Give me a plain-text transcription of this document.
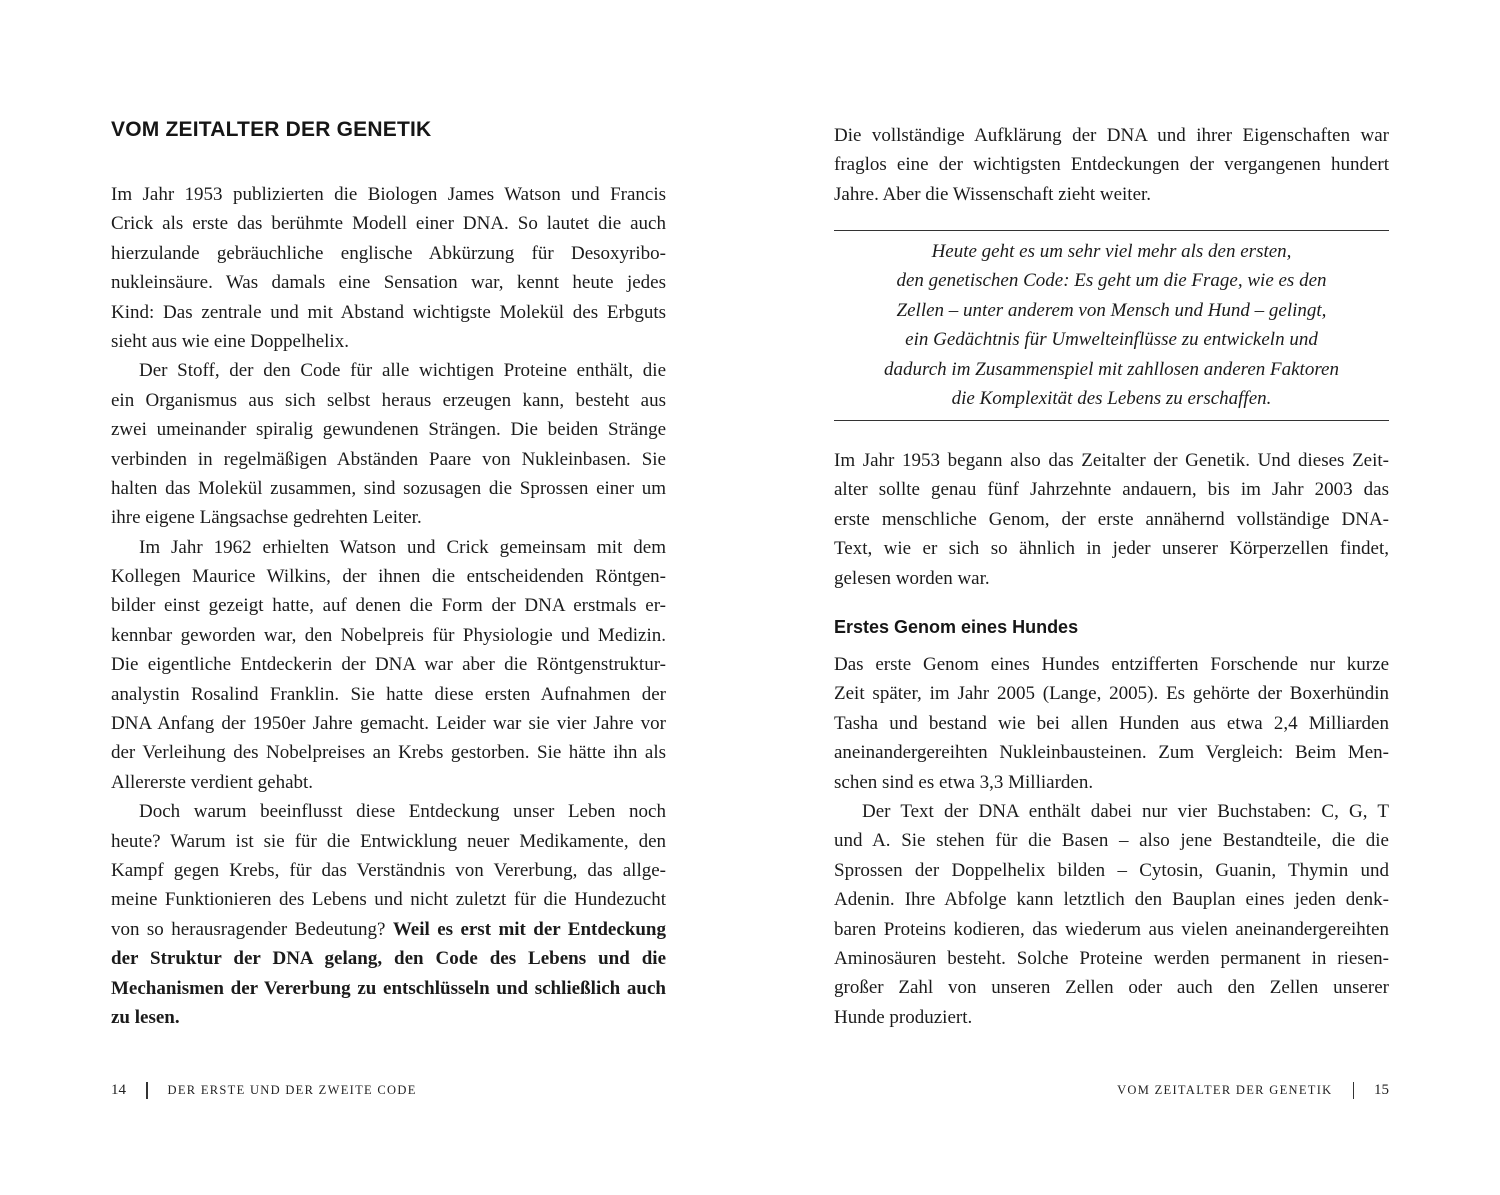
VOM ZEITALTER DER GENETIK
Im Jahr 1953 publizierten die Biologen James Watson und Francis
Crick als erste das berühmte Modell einer DNA. So lautet die auch
hierzulande gebräuchliche englische Abkürzung für Desoxyribo-
nukleinsäure. Was damals eine Sensation war, kennt heute jedes
Kind: Das zentrale und mit Abstand wichtigste Molekül des Erbguts
sieht aus wie eine Doppelhelix.
Der Stoff, der den Code für alle wichtigen Proteine enthält, die
ein Organismus aus sich selbst heraus erzeugen kann, besteht aus
zwei umeinander spiralig gewundenen Strängen. Die beiden Stränge
verbinden in regelmäßigen Abständen Paare von Nukleinbasen. Sie
halten das Molekül zusammen, sind sozusagen die Sprossen einer um
ihre eigene Längsachse gedrehten Leiter.
Im Jahr 1962 erhielten Watson und Crick gemeinsam mit dem
Kollegen Maurice Wilkins, der ihnen die entscheidenden Röntgen-
bilder einst gezeigt hatte, auf denen die Form der DNA erstmals er-
kennbar geworden war, den Nobelpreis für Physiologie und Medizin.
Die eigentliche Entdeckerin der DNA war aber die Röntgenstruktur-
analystin Rosalind Franklin. Sie hatte diese ersten Aufnahmen der
DNA Anfang der 1950er Jahre gemacht. Leider war sie vier Jahre vor
der Verleihung des Nobelpreises an Krebs gestorben. Sie hätte ihn als
Allererste verdient gehabt.
Doch warum beeinflusst diese Entdeckung unser Leben noch
heute? Warum ist sie für die Entwicklung neuer Medikamente, den
Kampf gegen Krebs, für das Verständnis von Vererbung, das allge-
meine Funktionieren des Lebens und nicht zuletzt für die Hundezucht
von so herausragender Bedeutung? Weil es erst mit der Entdeckung
der Struktur der DNA gelang, den Code des Lebens und die
Mechanismen der Vererbung zu entschlüsseln und schließlich auch
zu lesen.
14	DER ERSTE UND DER ZWEITE CODE
Die vollständige Aufklärung der DNA und ihrer Eigenschaften war
fraglos eine der wichtigsten Entdeckungen der vergangenen hundert
Jahre. Aber die Wissenschaft zieht weiter.
Heute geht es um sehr viel mehr als den ersten,
den genetischen Code: Es geht um die Frage, wie es den
Zellen – unter anderem von Mensch und Hund – gelingt,
ein Gedächtnis für Umwelteinflüsse zu entwickeln und
dadurch im Zusammenspiel mit zahllosen anderen Faktoren
die Komplexität des Lebens zu erschaffen.
Im Jahr 1953 begann also das Zeitalter der Genetik. Und dieses Zeit-
alter sollte genau fünf Jahrzehnte andauern, bis im Jahr 2003 das
erste menschliche Genom, der erste annähernd vollständige DNA-
Text, wie er sich so ähnlich in jeder unserer Körperzellen findet,
gelesen worden war.
Erstes Genom eines Hundes
Das erste Genom eines Hundes entzifferten Forschende nur kurze
Zeit später, im Jahr 2005 (Lange, 2005). Es gehörte der Boxerhündin
Tasha und bestand wie bei allen Hunden aus etwa 2,4 Milliarden
aneinandergereihten Nukleinbausteinen. Zum Vergleich: Beim Men-
schen sind es etwa 3,3 Milliarden.
Der Text der DNA enthält dabei nur vier Buchstaben: C, G, T
und A. Sie stehen für die Basen – also jene Bestandteile, die die
Sprossen der Doppelhelix bilden – Cytosin, Guanin, Thymin und
Adenin. Ihre Abfolge kann letztlich den Bauplan eines jeden denk-
baren Proteins kodieren, das wiederum aus vielen aneinandergereihten
Aminosäuren besteht. Solche Proteine werden permanent in riesen-
großer Zahl von unseren Zellen oder auch den Zellen unserer
Hunde produziert.
VOM ZEITALTER DER GENETIK	15
